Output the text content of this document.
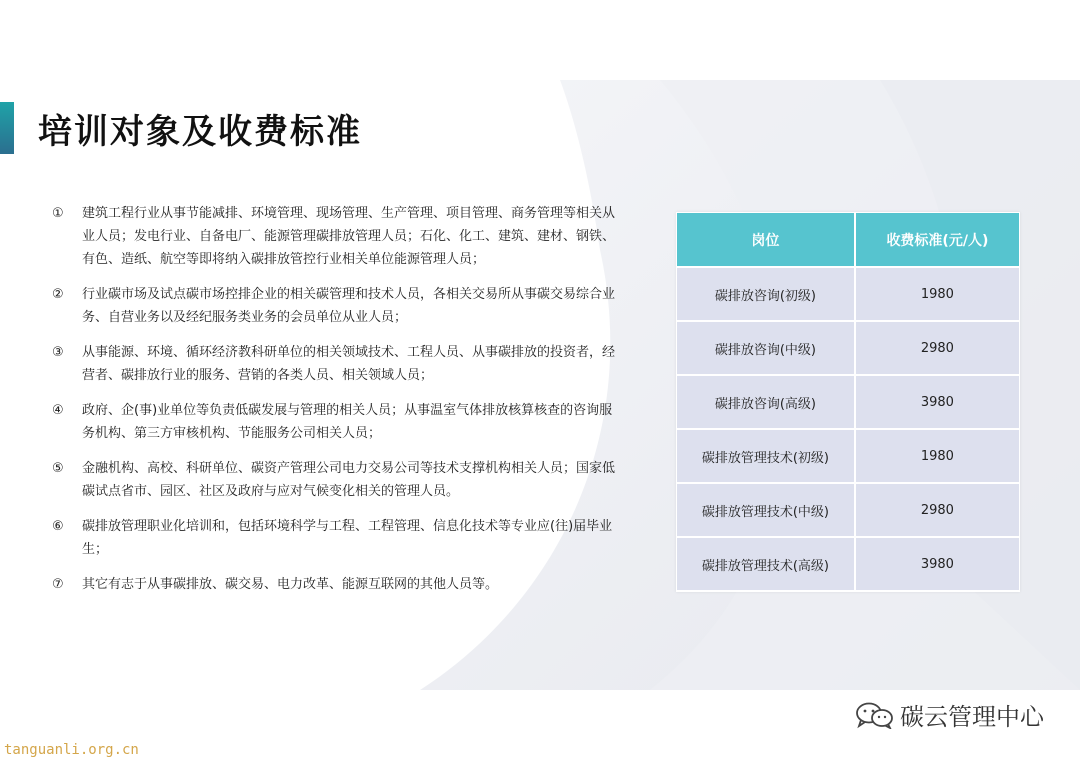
培训对象及收费标准
①	建筑工程行业从事节能减排、环境管理、现场管理、生产管理、项目管理、商务管理等相关从业人员；发电行业、自备电厂、能源管理碳排放管理人员；石化、化工、建筑、建材、钢铁、有色、造纸、航空等即将纳入碳排放管控行业相关单位能源管理人员；
②	行业碳市场及试点碳市场控排企业的相关碳管理和技术人员，各相关交易所从事碳交易综合业务、自营业务以及经纪服务类业务的会员单位从业人员；
③	从事能源、环境、循环经济教科研单位的相关领域技术、工程人员、从事碳排放的投资者，经营者、碳排放行业的服务、营销的各类人员、相关领域人员；
④	政府、企(事)业单位等负责低碳发展与管理的相关人员；从事温室气体排放核算核查的咨询服务机构、第三方审核机构、节能服务公司相关人员；
⑤	金融机构、高校、科研单位、碳资产管理公司电力交易公司等技术支撑机构相关人员；国家低碳试点省市、园区、社区及政府与应对气候变化相关的管理人员。
⑥	碳排放管理职业化培训和，包括环境科学与工程、工程管理、信息化技术等专业应(往)届毕业生；
⑦	其它有志于从事碳排放、碳交易、电力改革、能源互联网的其他人员等。
岗位	收费标准(元/人)
碳排放咨询(初级)	1980
碳排放咨询(中级)	2980
碳排放咨询(高级)	3980
碳排放管理技术(初级)	1980
碳排放管理技术(中级)	2980
碳排放管理技术(高级)	3980
碳云管理中心
tanguanli.org.cn
